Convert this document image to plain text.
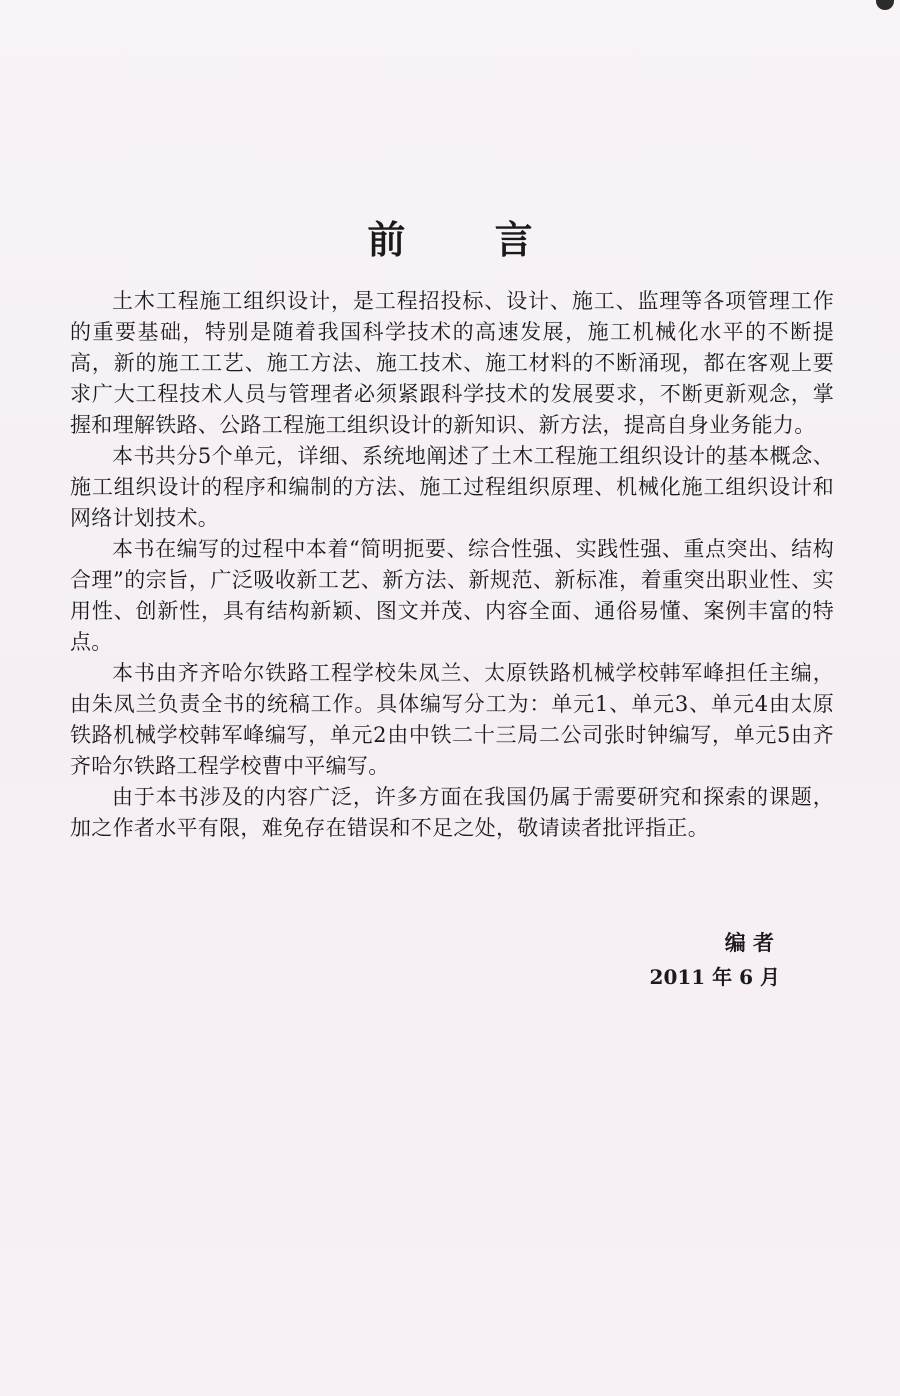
前 言

土木工程施工组织设计，是工程招投标、设计、施工、监理等各项管理工作的重要基础，特别是随着我国科学技术的高速发展，施工机械化水平的不断提高，新的施工工艺、施工方法、施工技术、施工材料的不断涌现，都在客观上要求广大工程技术人员与管理者必须紧跟科学技术的发展要求，不断更新观念，掌握和理解铁路、公路工程施工组织设计的新知识、新方法，提高自身业务能力。

本书共分5个单元，详细、系统地阐述了土木工程施工组织设计的基本概念、施工组织设计的程序和编制的方法、施工过程组织原理、机械化施工组织设计和网络计划技术。

本书在编写的过程中本着“简明扼要、综合性强、实践性强、重点突出、结构合理”的宗旨，广泛吸收新工艺、新方法、新规范、新标准，着重突出职业性、实用性、创新性，具有结构新颖、图文并茂、内容全面、通俗易懂、案例丰富的特点。

本书由齐齐哈尔铁路工程学校朱凤兰、太原铁路机械学校韩军峰担任主编，由朱凤兰负责全书的统稿工作。具体编写分工为：单元1、单元3、单元4由太原铁路机械学校韩军峰编写，单元2由中铁二十三局二公司张时钟编写，单元5由齐齐哈尔铁路工程学校曹中平编写。

由于本书涉及的内容广泛，许多方面在我国仍属于需要研究和探索的课题，加之作者水平有限，难免存在错误和不足之处，敬请读者批评指正。

编 者
2011 年 6 月
